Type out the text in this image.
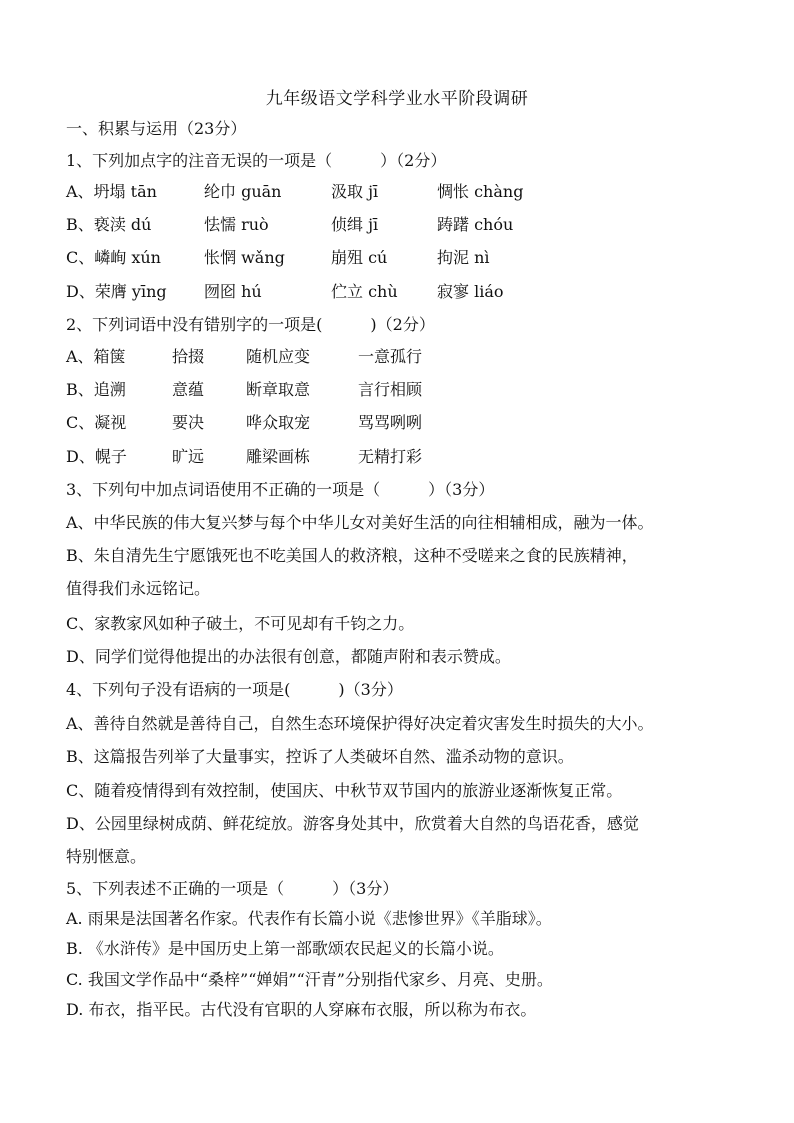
九年级语文学科学业水平阶段调研
一、积累与运用（23分）
1、下列加点字的注音无误的一项是（　　　）（2分）
A、坍塌 tān	纶巾 guān	汲取 jī	惆怅 chàng
B、亵渎 dú	怯懦 ruò	侦缉 jī	踌躇 chóu
C、嶙峋 xún	怅惘 wǎng	崩殂 cú	拘泥 nì
D、荣膺 yīng 囫囵 hú	伫立 chù 寂寥 liáo
2、下列词语中没有错别字的一项是(　　　)（2分）
A、箱箧	拾掇	随机应变	一意孤行
B、追溯	意蕴	断章取意	言行相顾
C、凝视	要决	哗众取宠	骂骂咧咧
D、幌子	旷远	雕梁画栋	无精打彩
3、下列句中加点词语使用不正确的一项是（　　　）（3分）
A、中华民族的伟大复兴梦与每个中华儿女对美好生活的向往相辅相成，融为一体。
B、朱自清先生宁愿饿死也不吃美国人的救济粮，这种不受嗟来之食的民族精神，
值得我们永远铭记。
C、家教家风如种子破土，不可见却有千钧之力。
D、同学们觉得他提出的办法很有创意，都随声附和表示赞成。
4、下列句子没有语病的一项是(　　　)（3分）
A、善待自然就是善待自己，自然生态环境保护得好决定着灾害发生时损失的大小。
B、这篇报告列举了大量事实，控诉了人类破坏自然、滥杀动物的意识。
C、随着疫情得到有效控制，使国庆、中秋节双节国内的旅游业逐渐恢复正常。
D、公园里绿树成荫、鲜花绽放。游客身处其中，欣赏着大自然的鸟语花香，感觉
特别惬意。
5、下列表述不正确的一项是（　　　）（3分）
A. 雨果是法国著名作家。代表作有长篇小说《悲惨世界》《羊脂球》。
B. 《水浒传》是中国历史上第一部歌颂农民起义的长篇小说。
C. 我国文学作品中“桑梓”“婵娟”“汗青”分别指代家乡、月亮、史册。
D. 布衣，指平民。古代没有官职的人穿麻布衣服，所以称为布衣。
